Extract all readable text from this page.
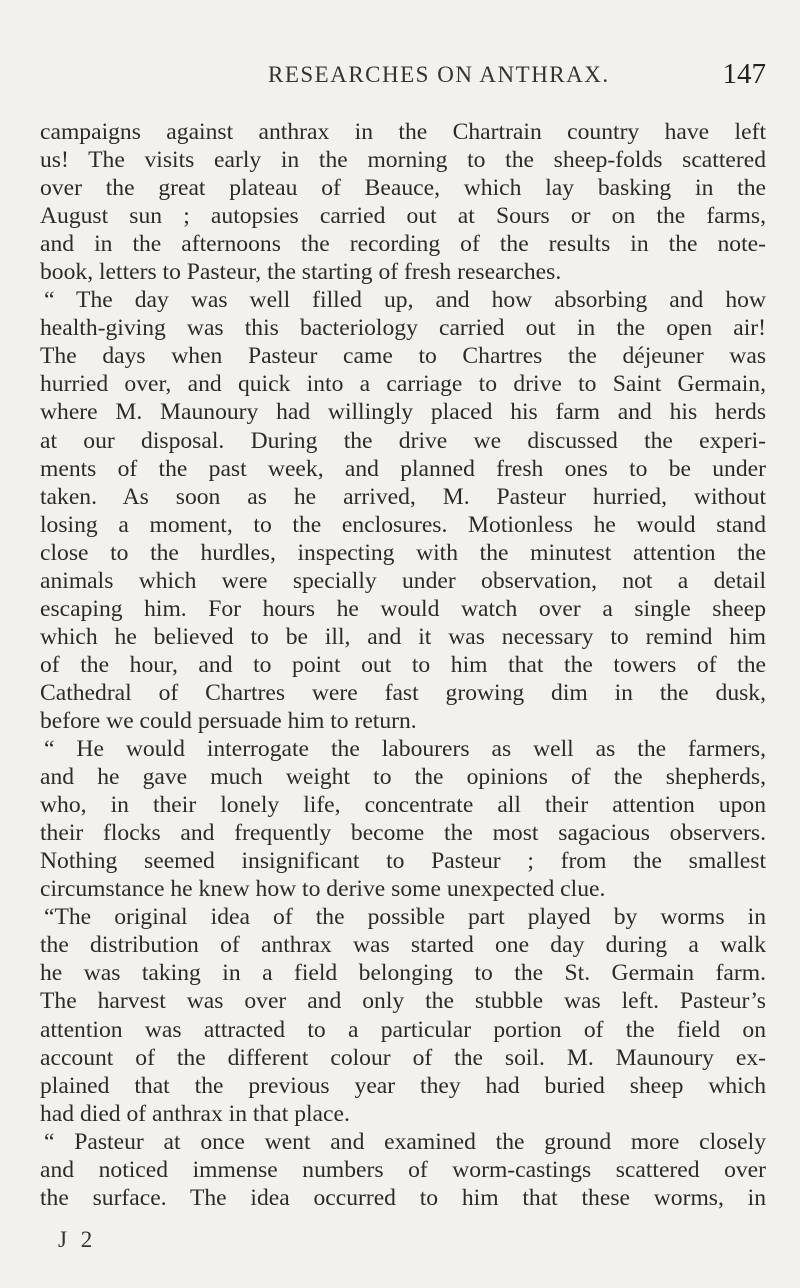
RESEARCHES ON ANTHRAX.	147
campaigns against anthrax in the Chartrain country have left
us! The visits early in the morning to the sheep-folds scattered
over the great plateau of Beauce, which lay basking in the
August sun ; autopsies carried out at Sours or on the farms,
and in the afternoons the recording of the results in the note-
book, letters to Pasteur, the starting of fresh researches.
“ The day was well filled up, and how absorbing and how
health-giving was this bacteriology carried out in the open air!
The days when Pasteur came to Chartres the déjeuner was
hurried over, and quick into a carriage to drive to Saint Germain,
where M. Maunoury had willingly placed his farm and his herds
at our disposal. During the drive we discussed the experi-
ments of the past week, and planned fresh ones to be under
taken. As soon as he arrived, M. Pasteur hurried, without
losing a moment, to the enclosures. Motionless he would stand
close to the hurdles, inspecting with the minutest attention the
animals which were specially under observation, not a detail
escaping him. For hours he would watch over a single sheep
which he believed to be ill, and it was necessary to remind him
of the hour, and to point out to him that the towers of the
Cathedral of Chartres were fast growing dim in the dusk,
before we could persuade him to return.
“ He would interrogate the labourers as well as the farmers,
and he gave much weight to the opinions of the shepherds,
who, in their lonely life, concentrate all their attention upon
their flocks and frequently become the most sagacious observers.
Nothing seemed insignificant to Pasteur ; from the smallest
circumstance he knew how to derive some unexpected clue.
“The original idea of the possible part played by worms in
the distribution of anthrax was started one day during a walk
he was taking in a field belonging to the St. Germain farm.
The harvest was over and only the stubble was left. Pasteur’s
attention was attracted to a particular portion of the field on
account of the different colour of the soil. M. Maunoury ex-
plained that the previous year they had buried sheep which
had died of anthrax in that place.
“ Pasteur at once went and examined the ground more closely
and noticed immense numbers of worm-castings scattered over
the surface. The idea occurred to him that these worms, in
J 2
